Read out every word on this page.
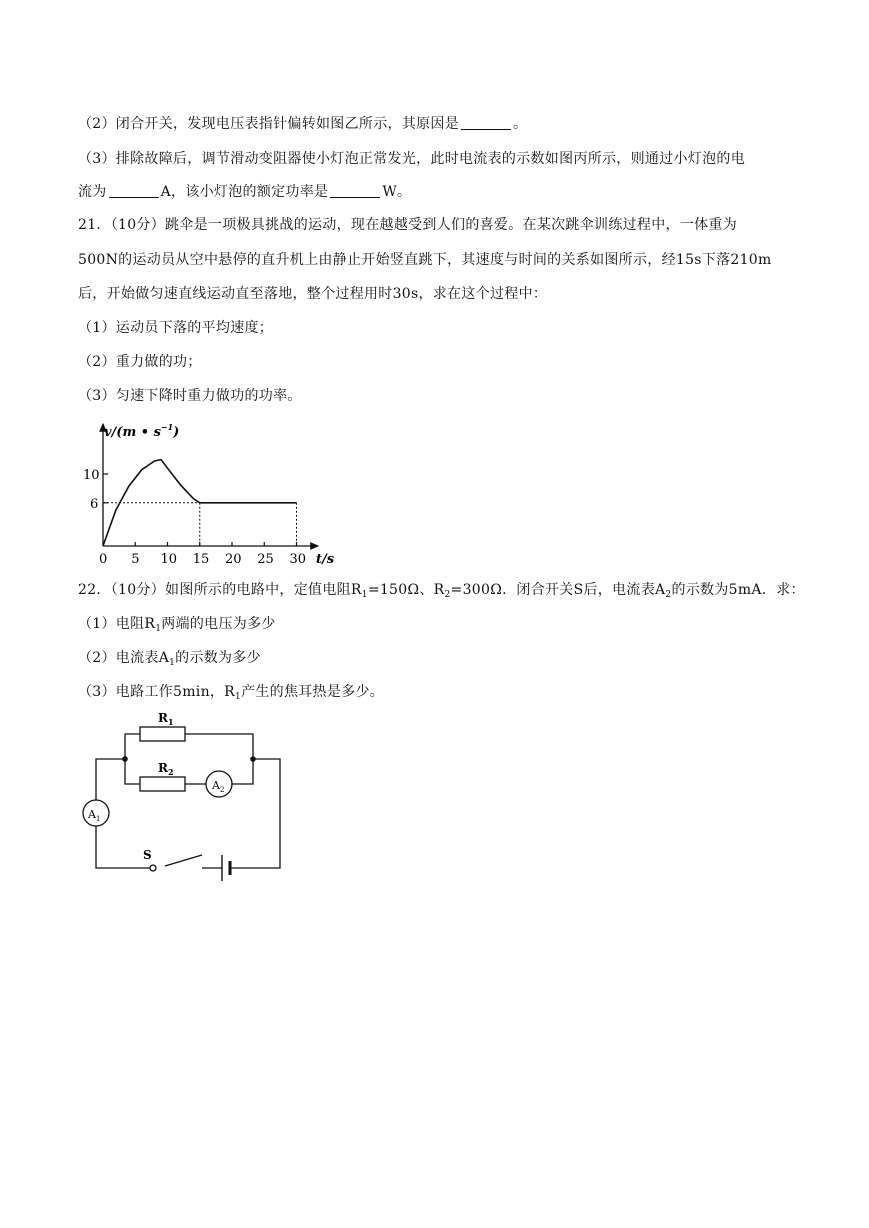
（2）闭合开关，发现电压表指针偏转如图乙所示，其原因是	。
（3）排除故障后，调节滑动变阻器使小灯泡正常发光，此时电流表的示数如图丙所示，则通过小灯泡的电
流为	A，该小灯泡的额定功率是	W。
21．（10分）跳伞是一项极具挑战的运动，现在越越受到人们的喜爱。在某次跳伞训练过程中，一体重为
500N的运动员从空中悬停的直升机上由静止开始竖直跳下，其速度与时间的关系如图所示，经15s下落210m
后，开始做匀速直线运动直至落地，整个过程用时30s，求在这个过程中：
（1）运动员下落的平均速度；
（2）重力做的功；
（3）匀速下降时重力做功的功率。
v/(m • $s^{-1}$)
t/s
0 5 10 15 20 25 30
10
6
22．（10分）如图所示的电路中，定值电阻$R_1=150\Omega$、$R_2=300\Omega$．闭合开关S后，电流表$A_2$的示数为5mA．求：
（1）电阻$R_1$两端的电压为多少
（2）电流表$A_1$的示数为多少
（3）电路工作5min，$R_1$产生的焦耳热是多少。
$R_1$
$R_2$
$A_2$
$A_1$
S
